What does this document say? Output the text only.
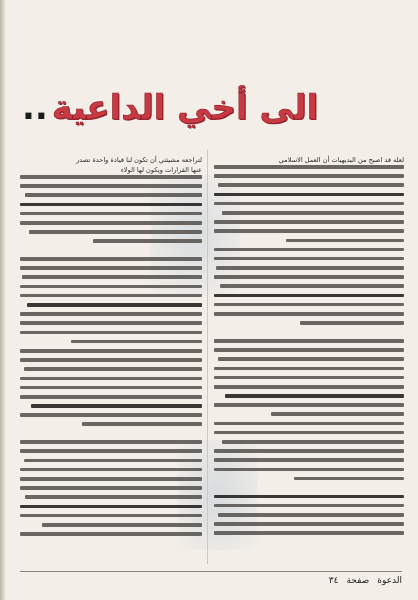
الى أخي الداعية
..

لعله قد اصبح من البديهيات أن العمل الاسلامي

لتراجعه مشيئتي أن تكون لنا قيادة واحدة تصدر

عنها القرارات ويكون لها الولاء

الدعوة
صفحة
٣٤
